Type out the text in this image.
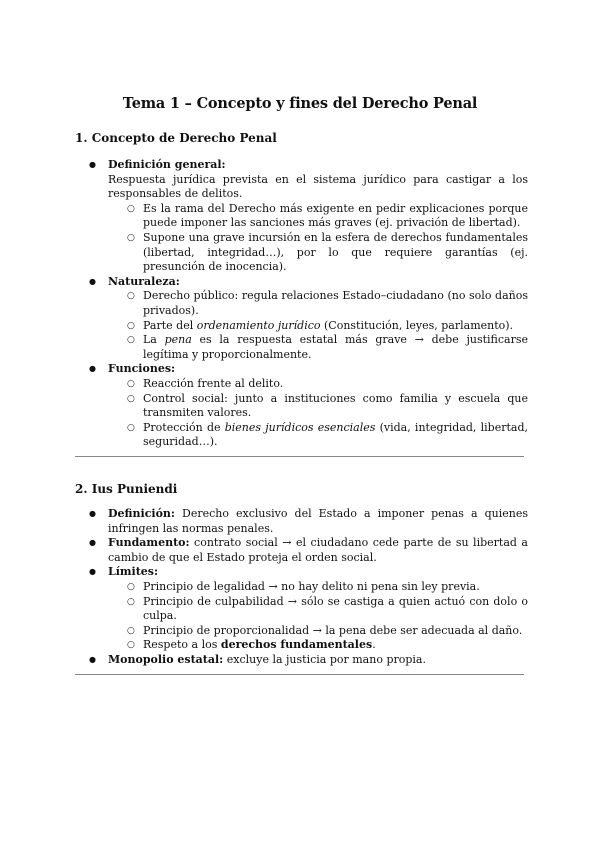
Tema 1 – Concepto y fines del Derecho Penal
1. Concepto de Derecho Penal
● Definición general:
Respuesta jurídica prevista en el sistema jurídico para castigar a los responsables de delitos.
○ Es la rama del Derecho más exigente en pedir explicaciones porque puede imponer las sanciones más graves (ej. privación de libertad).
○ Supone una grave incursión en la esfera de derechos fundamentales (libertad, integridad…), por lo que requiere garantías (ej. presunción de inocencia).
● Naturaleza:
○ Derecho público: regula relaciones Estado–ciudadano (no solo daños privados).
○ Parte del ordenamiento jurídico (Constitución, leyes, parlamento).
○ La pena es la respuesta estatal más grave → debe justificarse legítima y proporcionalmente.
● Funciones:
○ Reacción frente al delito.
○ Control social: junto a instituciones como familia y escuela que transmiten valores.
○ Protección de bienes jurídicos esenciales (vida, integridad, libertad, seguridad…).
2. Ius Puniendi
● Definición: Derecho exclusivo del Estado a imponer penas a quienes infringen las normas penales.
● Fundamento: contrato social → el ciudadano cede parte de su libertad a cambio de que el Estado proteja el orden social.
● Límites:
○ Principio de legalidad → no hay delito ni pena sin ley previa.
○ Principio de culpabilidad → sólo se castiga a quien actuó con dolo o culpa.
○ Principio de proporcionalidad → la pena debe ser adecuada al daño.
○ Respeto a los derechos fundamentales.
● Monopolio estatal: excluye la justicia por mano propia.
